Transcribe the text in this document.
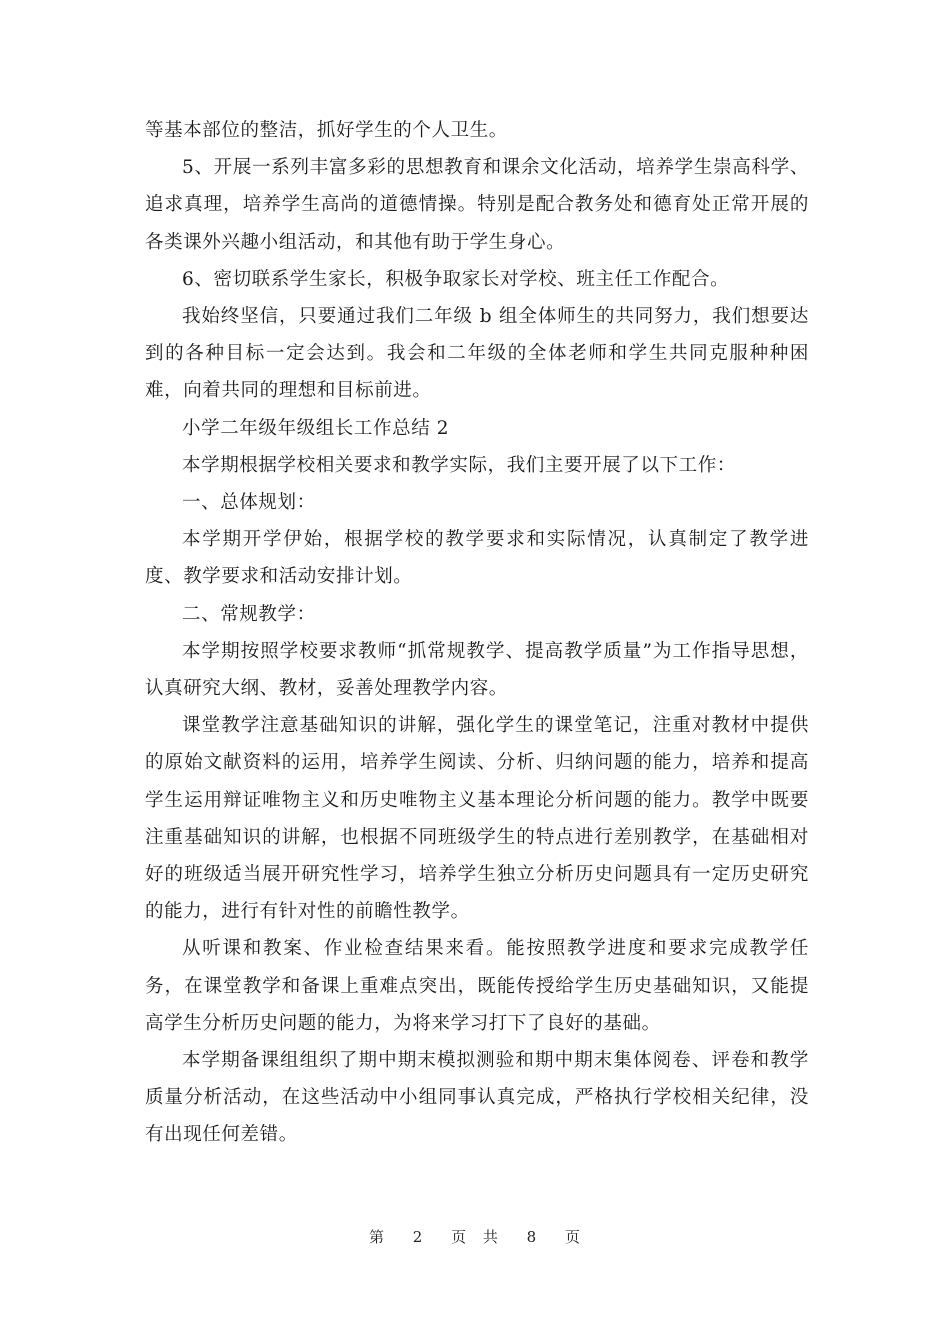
等基本部位的整洁，抓好学生的个人卫生。

5、开展一系列丰富多彩的思想教育和课余文化活动，培养学生崇高科学、追求真理，培养学生高尚的道德情操。特别是配合教务处和德育处正常开展的各类课外兴趣小组活动，和其他有助于学生身心。

6、密切联系学生家长，积极争取家长对学校、班主任工作配合。

我始终坚信，只要通过我们二年级 b 组全体师生的共同努力，我们想要达到的各种目标一定会达到。我会和二年级的全体老师和学生共同克服种种困难，向着共同的理想和目标前进。

小学二年级年级组长工作总结 2

本学期根据学校相关要求和教学实际，我们主要开展了以下工作：

一、总体规划：

本学期开学伊始，根据学校的教学要求和实际情况，认真制定了教学进度、教学要求和活动安排计划。

二、常规教学：

本学期按照学校要求教师“抓常规教学、提高教学质量”为工作指导思想，认真研究大纲、教材，妥善处理教学内容。

课堂教学注意基础知识的讲解，强化学生的课堂笔记，注重对教材中提供的原始文献资料的运用，培养学生阅读、分析、归纳问题的能力，培养和提高学生运用辩证唯物主义和历史唯物主义基本理论分析问题的能力。教学中既要注重基础知识的讲解，也根据不同班级学生的特点进行差别教学，在基础相对好的班级适当展开研究性学习，培养学生独立分析历史问题具有一定历史研究的能力，进行有针对性的前瞻性教学。

从听课和教案、作业检查结果来看。能按照教学进度和要求完成教学任务，在课堂教学和备课上重难点突出，既能传授给学生历史基础知识，又能提高学生分析历史问题的能力，为将来学习打下了良好的基础。

本学期备课组组织了期中期末模拟测验和期中期末集体阅卷、评卷和教学质量分析活动，在这些活动中小组同事认真完成，严格执行学校相关纪律，没有出现任何差错。

第 2 页 共 8 页
